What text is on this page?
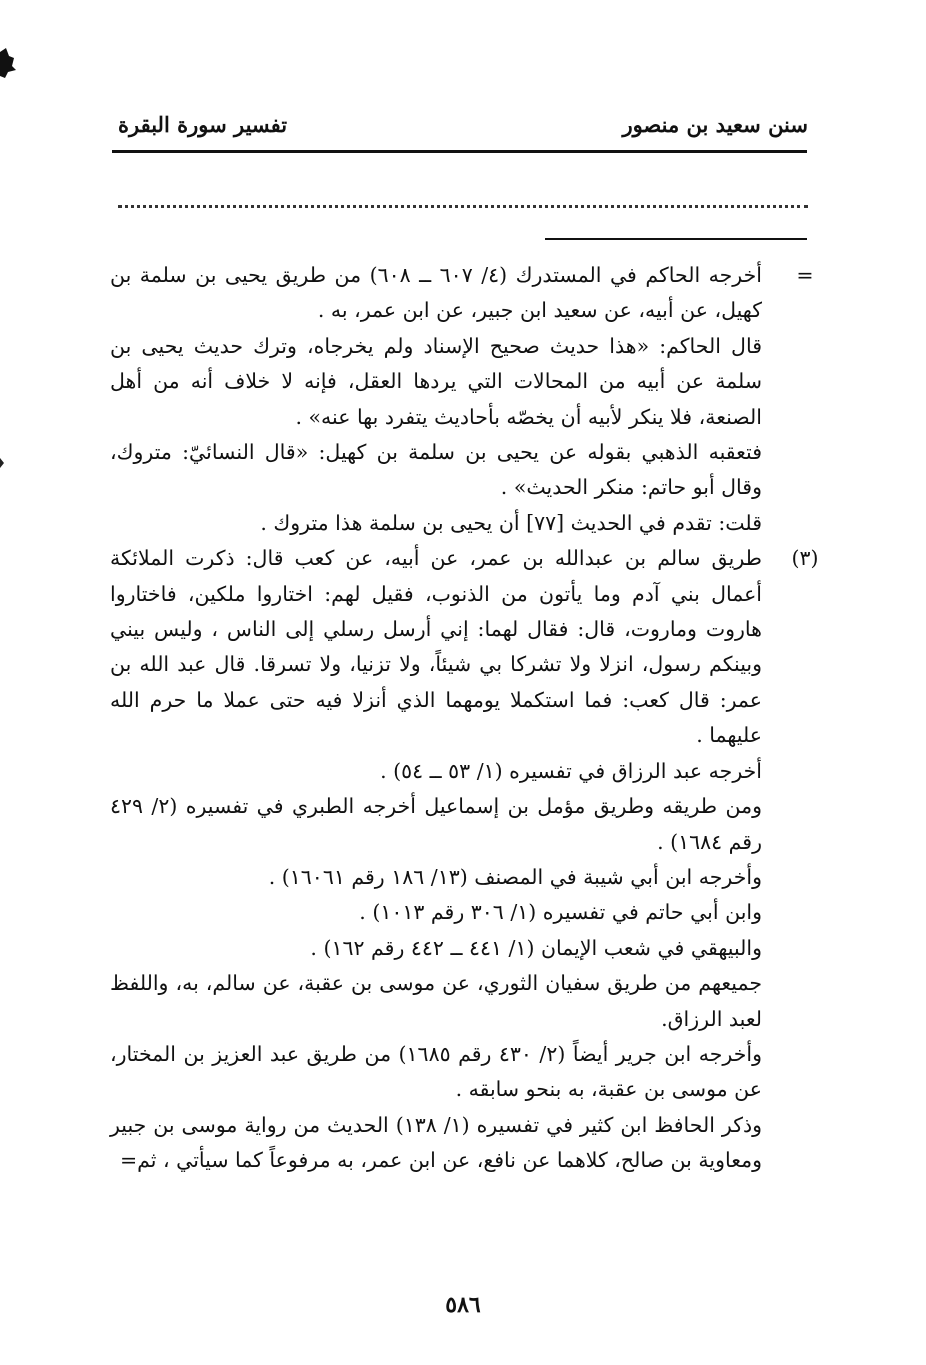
سنن سعيد بن منصور
تفسير سورة البقرة
=
أخرجه الحاكم في المستدرك (٤/ ٦٠٧ ــ ٦٠٨) من طريق يحيى بن سلمة بن كهيل، عن أبيه، عن سعيد ابن جبير، عن ابن عمر، به .
قال الحاكم: «هذا حديث صحيح الإسناد ولم يخرجاه، وترك حديث يحيى بن سلمة عن أبيه من المحالات التي يردها العقل، فإنه لا خلاف أنه من أهل الصنعة، فلا ينكر لأبيه أن يخصّه بأحاديث يتفرد بها عنه» .
فتعقبه الذهبي بقوله عن يحيى بن سلمة بن كهيل: «قال النسائيّ: متروك، وقال أبو حاتم: منكر الحديث» .
قلت: تقدم في الحديث [٧٧] أن يحيى بن سلمة هذا متروك .
(٣)
طريق سالم بن عبدالله بن عمر، عن أبيه، عن كعب قال: ذكرت الملائكة أعمال بني آدم وما يأتون من الذنوب، فقيل لهم: اختاروا ملكين، فاختاروا هاروت وماروت، قال: فقال لهما: إني أرسل رسلي إلى الناس ، وليس بيني وبينكم رسول، انزلا ولا تشركا بي شيئاً، ولا تزنيا، ولا تسرقا. قال عبد الله بن عمر: قال كعب: فما استكملا يومهما الذي أنزلا فيه حتى عملا ما حرم الله عليهما .
أخرجه عبد الرزاق في تفسيره (١/ ٥٣ ــ ٥٤) .
ومن طريقه وطريق مؤمل بن إسماعيل أخرجه الطبري في تفسيره (٢/ ٤٢٩ رقم ١٦٨٤) .
وأخرجه ابن أبي شيبة في المصنف (١٣/ ١٨٦ رقم ١٦٠٦١) .
وابن أبي حاتم في تفسيره (١/ ٣٠٦ رقم ١٠١٣) .
والبيهقي في شعب الإيمان (١/ ٤٤١ ــ ٤٤٢ رقم ١٦٢) .
جميعهم من طريق سفيان الثوري، عن موسى بن عقبة، عن سالم، به، واللفظ لعبد الرزاق.
وأخرجه ابن جرير أيضاً (٢/ ٤٣٠ رقم ١٦٨٥) من طريق عبد العزيز بن المختار، عن موسى بن عقبة، به بنحو سابقه .
وذكر الحافظ ابن كثير في تفسيره (١/ ١٣٨) الحديث من رواية موسى بن جبير ومعاوية بن صالح، كلاهما عن نافع، عن ابن عمر، به مرفوعاً كما سيأتي ، ثم=
٥٨٦
